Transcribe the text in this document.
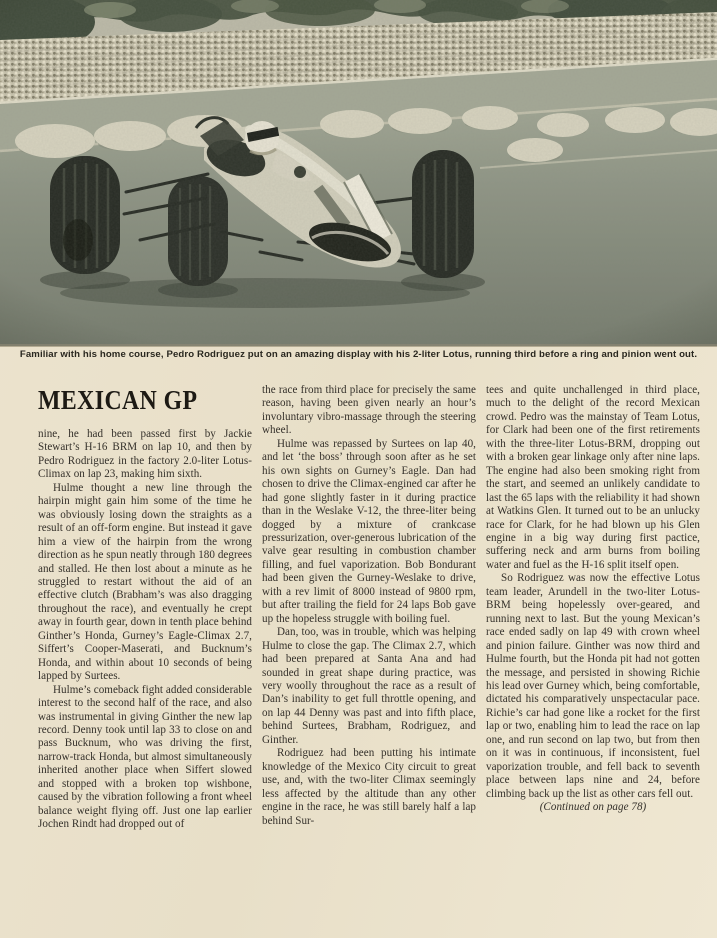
Familiar with his home course, Pedro Rodriguez put on an amazing display with his 2-liter Lotus, running third before a ring and pinion went out.
MEXICAN GP

nine, he had been passed first by Jackie Stewart’s H-16 BRM on lap 10, and then by Pedro Rodriguez in the factory 2.0-liter Lotus-Climax on lap 23, making him sixth.

Hulme thought a new line through the hairpin might gain him some of the time he was obviously losing down the straights as a result of an off-form engine. But instead it gave him a view of the hairpin from the wrong direction as he spun neatly through 180 degrees and stalled. He then lost about a minute as he struggled to restart without the aid of an effective clutch (Brabham’s was also dragging throughout the race), and eventually he crept away in fourth gear, down in tenth place behind Ginther’s Honda, Gurney’s Eagle-Climax 2.7, Siffert’s Cooper-Maserati, and Bucknum’s Honda, and within about 10 seconds of being lapped by Surtees.

Hulme’s comeback fight added considerable interest to the second half of the race, and also was instrumental in giving Ginther the new lap record. Denny took until lap 33 to close on and pass Bucknum, who was driving the first, narrow-track Honda, but almost simultaneously inherited another place when Siffert slowed and stopped with a broken top wishbone, caused by the vibration following a front wheel balance weight flying off. Just one lap earlier Jochen Rindt had dropped out of

the race from third place for precisely the same reason, having been given nearly an hour’s involuntary vibro-massage through the steering wheel.

Hulme was repassed by Surtees on lap 40, and let ‘the boss’ through soon after as he set his own sights on Gurney’s Eagle. Dan had chosen to drive the Climax-engined car after he had gone slightly faster in it during practice than in the Weslake V-12, the three-liter being dogged by a mixture of crankcase pressurization, over-generous lubrication of the valve gear resulting in combustion chamber filling, and fuel vaporization. Bob Bondurant had been given the Gurney-Weslake to drive, with a rev limit of 8000 instead of 9800 rpm, but after trailing the field for 24 laps Bob gave up the hopeless struggle with boiling fuel.

Dan, too, was in trouble, which was helping Hulme to close the gap. The Climax 2.7, which had been prepared at Santa Ana and had sounded in great shape during practice, was very woolly throughout the race as a result of Dan’s inability to get full throttle opening, and on lap 44 Denny was past and into fifth place, behind Surtees, Brabham, Rodriguez, and Ginther.

Rodriguez had been putting his intimate knowledge of the Mexico City circuit to great use, and, with the two-liter Climax seemingly less affected by the altitude than any other engine in the race, he was still barely half a lap behind Sur-

tees and quite unchallenged in third place, much to the delight of the record Mexican crowd. Pedro was the mainstay of Team Lotus, for Clark had been one of the first retirements with the three-liter Lotus-BRM, dropping out with a broken gear linkage only after nine laps. The engine had also been smoking right from the start, and seemed an unlikely candidate to last the 65 laps with the reliability it had shown at Watkins Glen. It turned out to be an unlucky race for Clark, for he had blown up his Glen engine in a big way during first pactice, suffering neck and arm burns from boiling water and fuel as the H-16 split itself open.

So Rodriguez was now the effective Lotus team leader, Arundell in the two-liter Lotus-BRM being hopelessly over-geared, and running next to last. But the young Mexican’s race ended sadly on lap 49 with crown wheel and pinion failure. Ginther was now third and Hulme fourth, but the Honda pit had not gotten the message, and persisted in showing Richie his lead over Gurney which, being comfortable, dictated his comparatively unspectacular pace. Richie’s car had gone like a rocket for the first lap or two, enabling him to lead the race on lap one, and run second on lap two, but from then on it was in continuous, if inconsistent, fuel vaporization trouble, and fell back to seventh place between laps nine and 24, before climbing back up the list as other cars fell out.

(Continued on page 78)
